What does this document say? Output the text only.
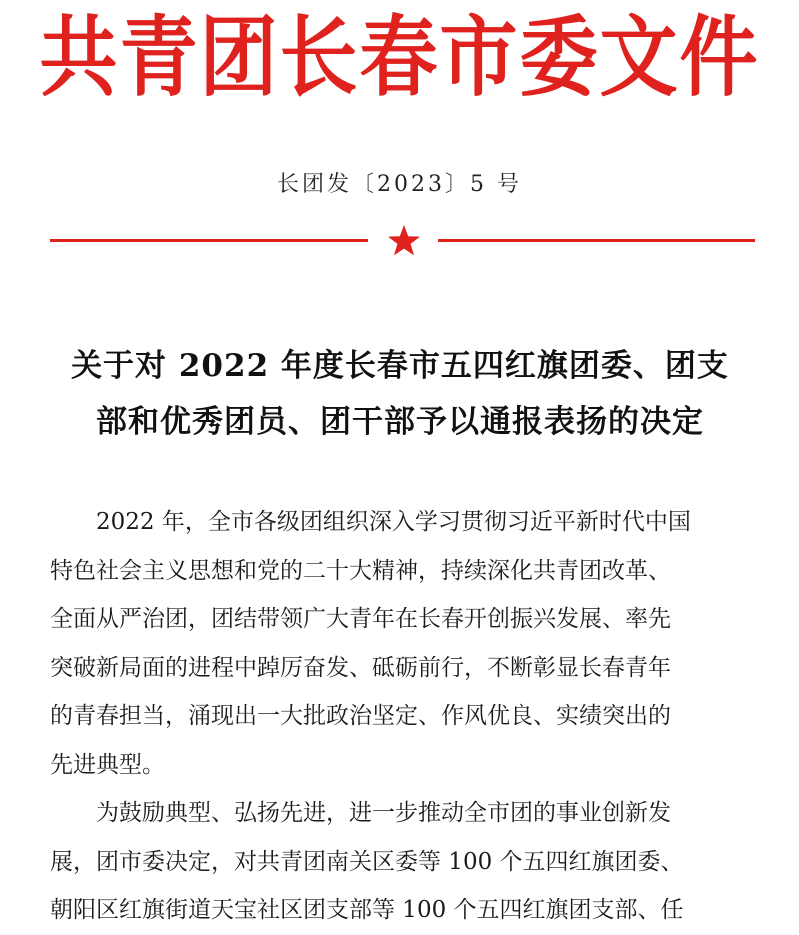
共青团长春市委文件
长团发〔2023〕5 号
关于对 2022 年度长春市五四红旗团委、团支
部和优秀团员、团干部予以通报表扬的决定
　　2022 年，全市各级团组织深入学习贯彻习近平新时代中国
特色社会主义思想和党的二十大精神，持续深化共青团改革、
全面从严治团，团结带领广大青年在长春开创振兴发展、率先
突破新局面的进程中踔厉奋发、砥砺前行，不断彰显长春青年
的青春担当，涌现出一大批政治坚定、作风优良、实绩突出的
先进典型。
　　为鼓励典型、弘扬先进，进一步推动全市团的事业创新发
展，团市委决定，对共青团南关区委等 100 个五四红旗团委、
朝阳区红旗街道天宝社区团支部等 100 个五四红旗团支部、任
